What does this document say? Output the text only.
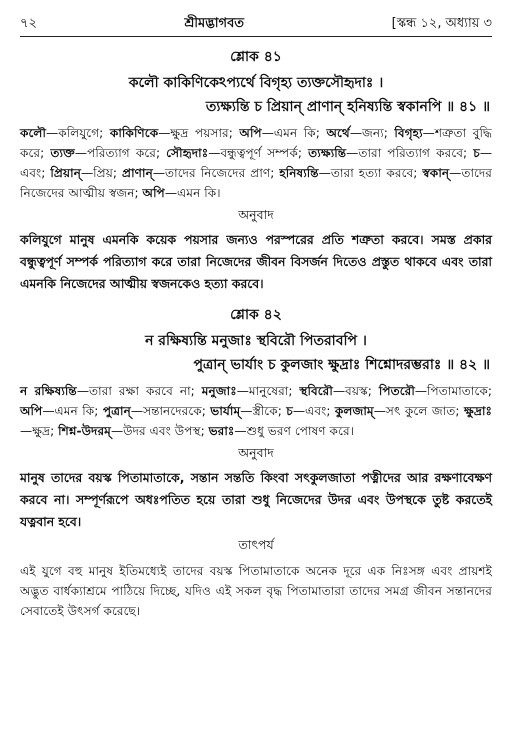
৭২	শ্রীমদ্ভাগবত	[স্কন্ধ ১২, অধ্যায় ৩
শ্লোক ৪১
কলৌ কাকিণিকেঽপ্যর্থে বিগৃহ্য ত্যক্তসৌহৃদাঃ ।
ত্যক্ষ্যন্তি চ প্রিয়ান্ প্রাণান্ হনিষ্যন্তি স্বকানপি ॥ ৪১ ॥
কলৌ—কলিযুগে; কাকিণিকে—ক্ষুদ্র পয়সার; অপি—এমন কি; অর্থে—জন্য; বিগৃহ্য—শত্রুতা বুদ্ধি করে; ত্যক্ত—পরিত্যাগ করে; সৌহৃদাঃ—বন্ধুত্বপূর্ণ সম্পর্ক; ত্যক্ষ্যন্তি—তারা পরিত্যাগ করবে; চ—এবং; প্রিয়ান্—প্রিয়; প্রাণান্—তাদের নিজেদের প্রাণ; হনিষ্যন্তি—তারা হত্যা করবে; স্বকান্—তাদের নিজেদের আত্মীয় স্বজন; অপি—এমন কি।
অনুবাদ
কলিযুগে মানুষ এমনকি কয়েক পয়সার জন্যও পরস্পরের প্রতি শত্রুতা করবে। সমস্ত প্রকার বন্ধুত্বপূর্ণ সম্পর্ক পরিত্যাগ করে তারা নিজেদের জীবন বিসর্জন দিতেও প্রস্তুত থাকবে এবং তারা এমনকি নিজেদের আত্মীয় স্বজনকেও হত্যা করবে।
শ্লোক ৪২
ন রক্ষিষ্যন্তি মনুজাঃ স্থবিরৌ পিতরাবপি ।
পুত্রান্ ভার্যাং চ কুলজাং ক্ষুদ্রাঃ শিশ্নোদরম্ভরাঃ ॥ ৪২ ॥
ন রক্ষিষ্যন্তি—তারা রক্ষা করবে না; মনুজাঃ—মানুষেরা; স্থবিরৌ—বয়স্ক; পিতরৌ—পিতামাতাকে; অপি—এমন কি; পুত্রান্—সন্তানদেরকে; ভার্যাম্—স্ত্রীকে; চ—এবং; কুলজাম্—সৎ কুলে জাত; ক্ষুদ্রাঃ—ক্ষুদ্র; শিশ্ন-উদরম্—উদর এবং উপস্থ; ভরাঃ—শুধু ভরণ পোষণ করে।
অনুবাদ
মানুষ তাদের বয়স্ক পিতামাতাকে, সন্তান সন্ততি কিংবা সৎকুলজাতা পত্নীদের আর রক্ষণাবেক্ষণ করবে না। সম্পূর্ণরূপে অধঃপতিত হয়ে তারা শুধু নিজেদের উদর এবং উপস্থকে তুষ্ট করতেই যত্নবান হবে।
তাৎপর্য
এই যুগে বহু মানুষ ইতিমধ্যেই তাদের বয়স্ক পিতামাতাকে অনেক দূরে এক নিঃসঙ্গ এবং প্রায়শই অদ্ভুত বার্ধক্যাশ্রমে পাঠিয়ে দিচ্ছে, যদিও এই সকল বৃদ্ধ পিতামাতারা তাদের সমগ্র জীবন সন্তানদের সেবাতেই উৎসর্গ করেছে।
